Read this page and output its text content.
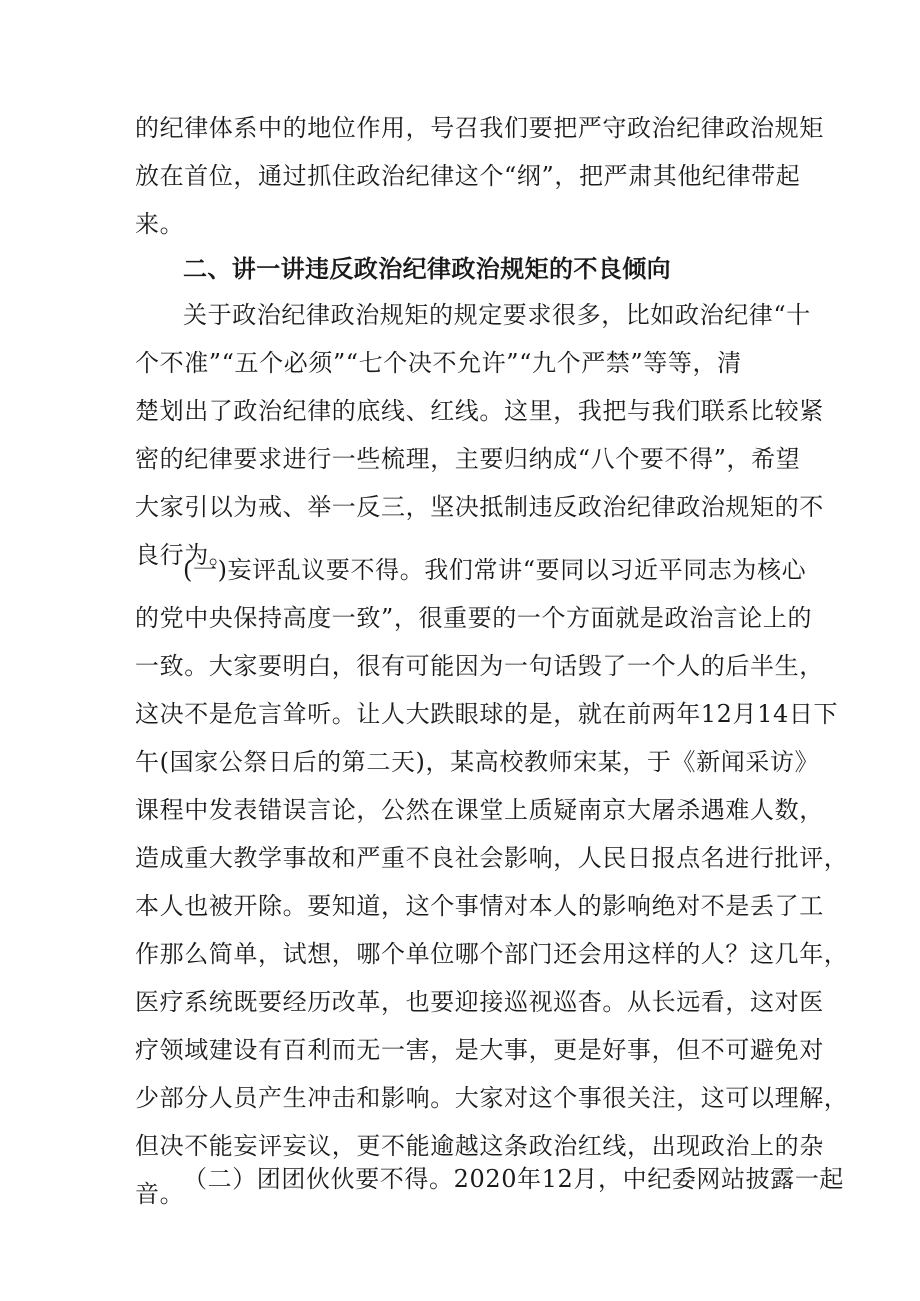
的纪律体系中的地位作用，号召我们要把严守政治纪律政治规矩
放在首位，通过抓住政治纪律这个“纲”，把严肃其他纪律带起
来。
二、讲一讲违反政治纪律政治规矩的不良倾向
关于政治纪律政治规矩的规定要求很多，比如政治纪律“十
个不准”“五个必须”“七个决不允许”“九个严禁”等等，清
楚划出了政治纪律的底线、红线。这里，我把与我们联系比较紧
密的纪律要求进行一些梳理，主要归纳成“八个要不得”，希望
大家引以为戒、举一反三，坚决抵制违反政治纪律政治规矩的不
良行为。
(一)妄评乱议要不得。我们常讲“要同以习近平同志为核心
的党中央保持高度一致”，很重要的一个方面就是政治言论上的
一致。大家要明白，很有可能因为一句话毁了一个人的后半生，
这决不是危言耸听。让人大跌眼球的是，就在前两年12月14日下
午(国家公祭日后的第二天)，某高校教师宋某，于《新闻采访》
课程中发表错误言论，公然在课堂上质疑南京大屠杀遇难人数，
造成重大教学事故和严重不良社会影响，人民日报点名进行批评，
本人也被开除。要知道，这个事情对本人的影响绝对不是丢了工
作那么简单，试想，哪个单位哪个部门还会用这样的人？这几年，
医疗系统既要经历改革，也要迎接巡视巡杳。从长远看，这对医
疗领域建设有百利而无一害，是大事，更是好事，但不可避免对
少部分人员产生冲击和影响。大家对这个事很关注，这可以理解，
但决不能妄评妄议，更不能逾越这条政治红线，出现政治上的杂
音。
（二）团团伙伙要不得。2020年12月，中纪委网站披露一起
